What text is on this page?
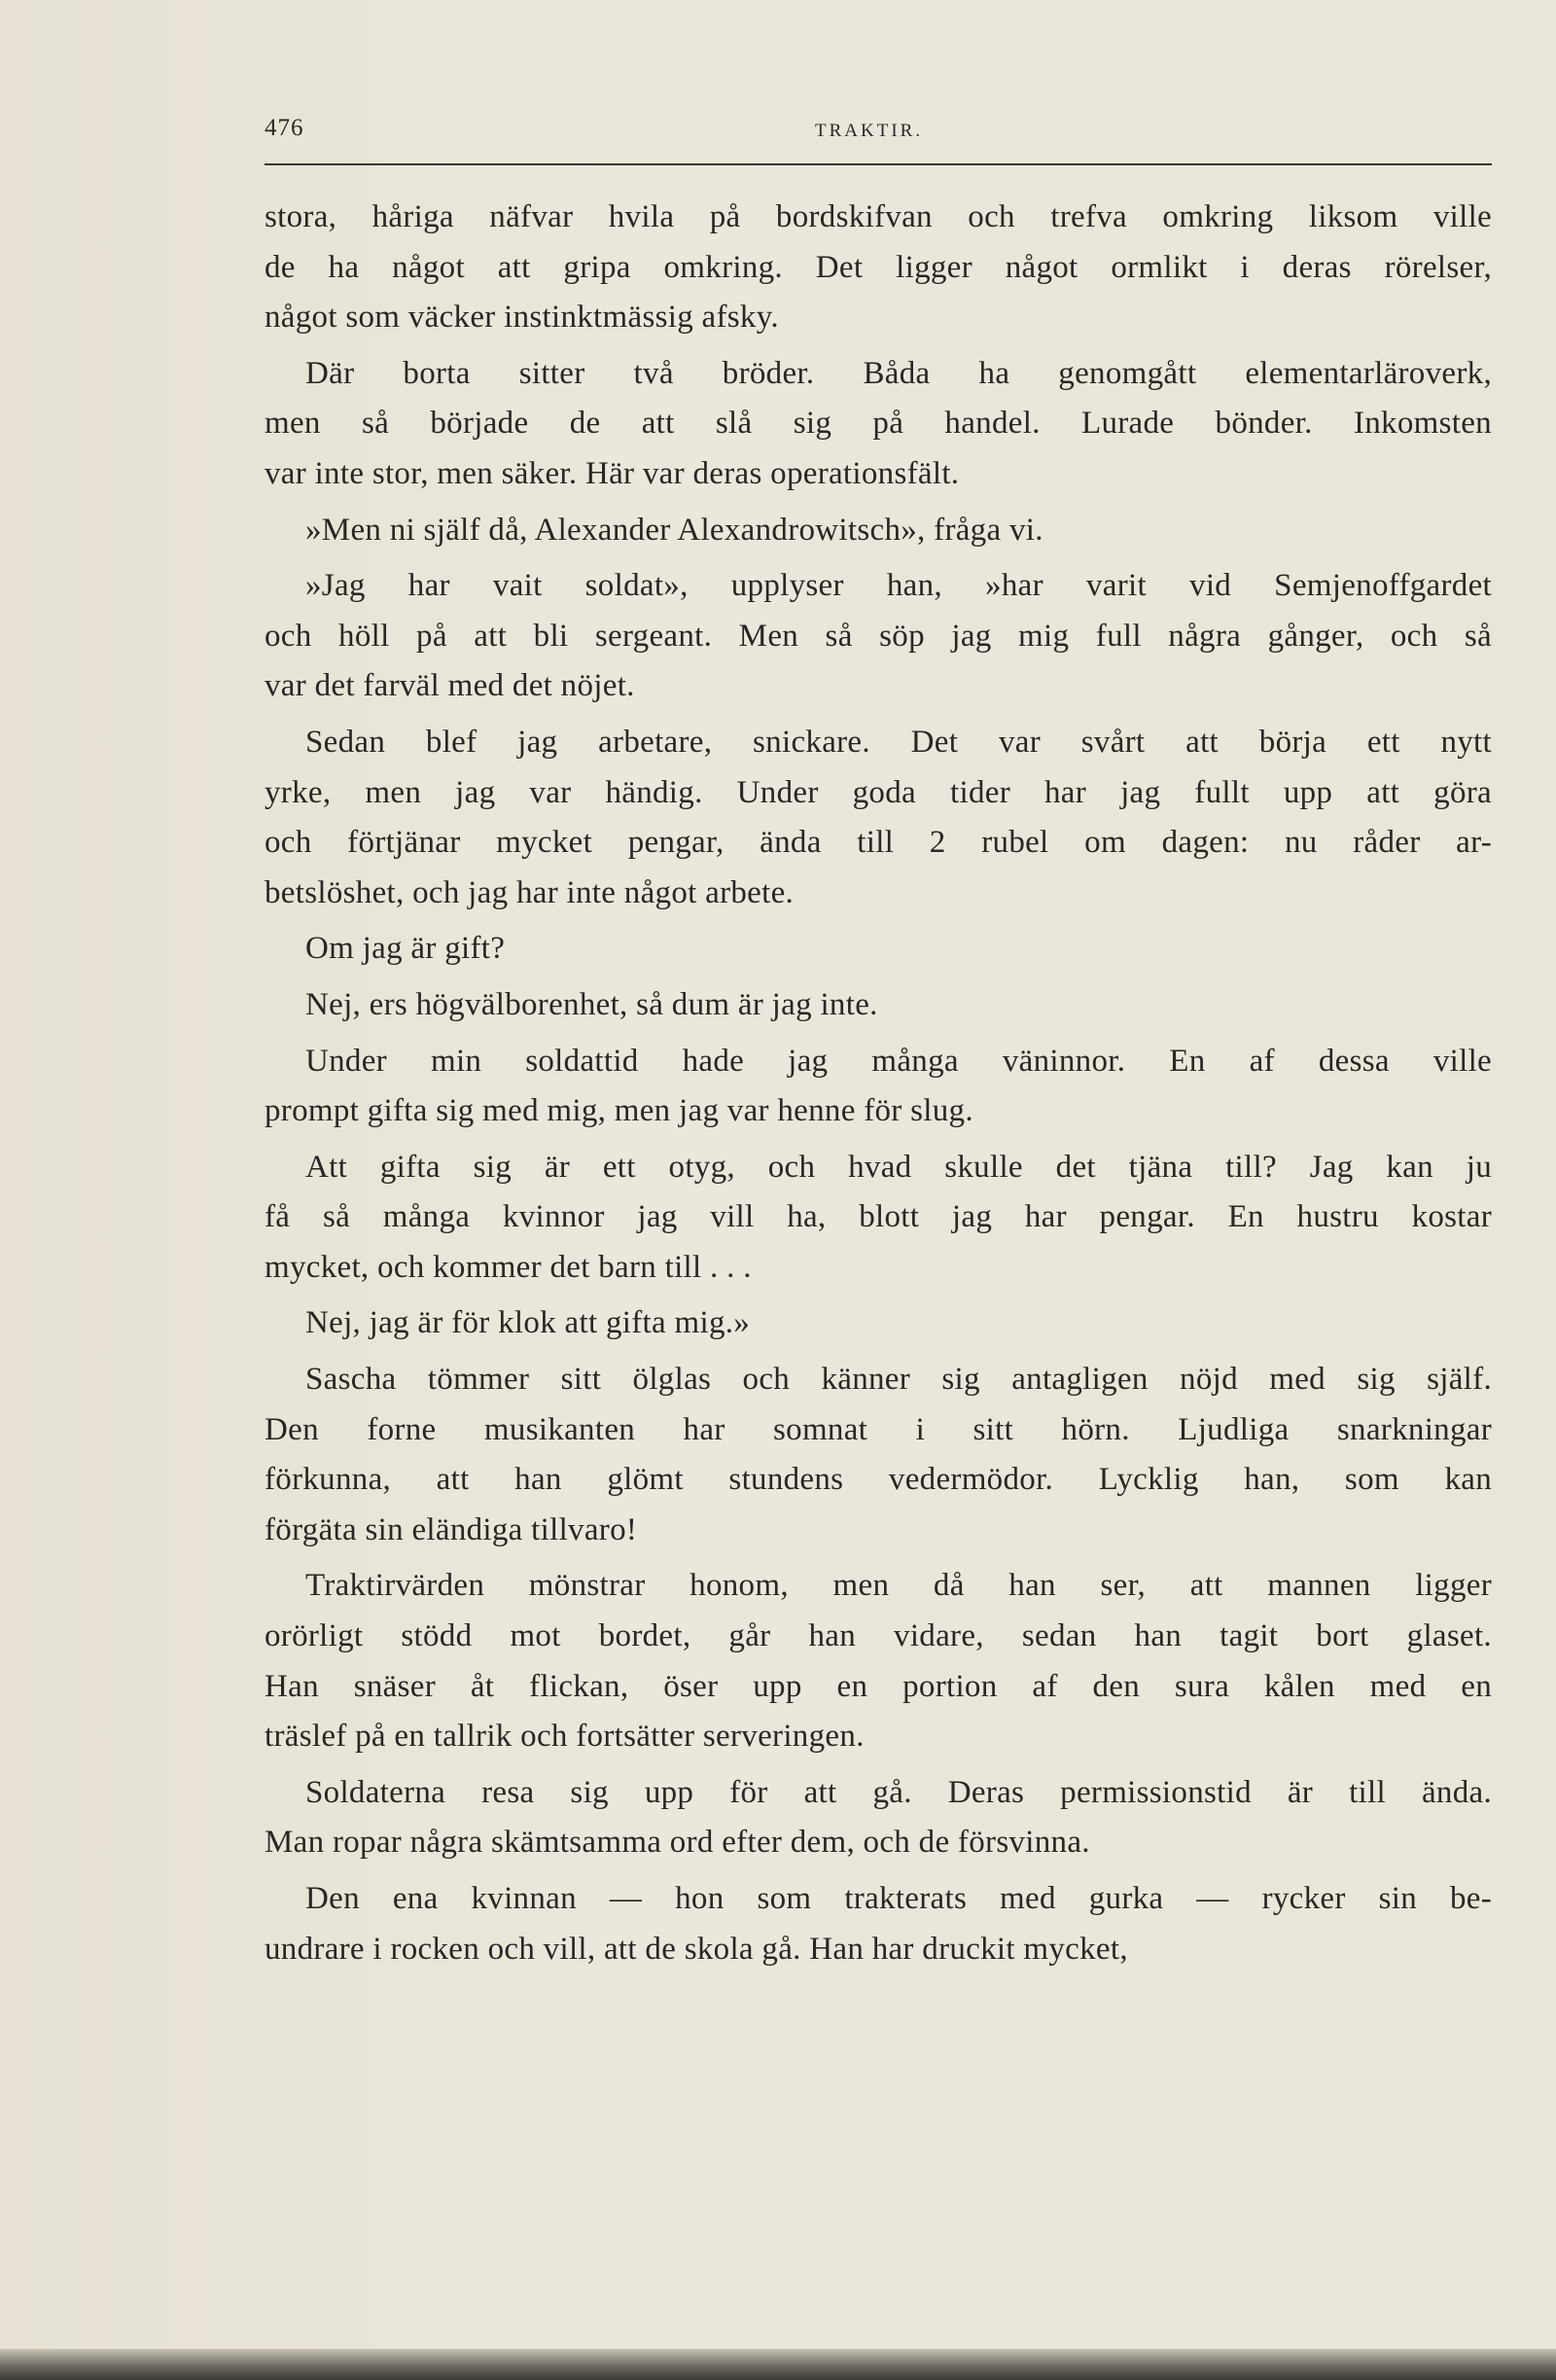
476	TRAKTIR.
stora, håriga näfvar hvila på bordskifvan och trefva omkring liksom ville
de ha något att gripa omkring. Det ligger något ormlikt i deras rörelser,
något som väcker instinktmässig afsky.
Där borta sitter två bröder. Båda ha genomgått elementarläroverk,
men så började de att slå sig på handel. Lurade bönder. Inkomsten
var inte stor, men säker. Här var deras operationsfält.
»Men ni själf då, Alexander Alexandrowitsch», fråga vi.
»Jag har vait soldat», upplyser han, »har varit vid Semjenoffgardet
och höll på att bli sergeant. Men så söp jag mig full några gånger, och så
var det farväl med det nöjet.
Sedan blef jag arbetare, snickare. Det var svårt att börja ett nytt
yrke, men jag var händig. Under goda tider har jag fullt upp att göra
och förtjänar mycket pengar, ända till 2 rubel om dagen: nu råder ar-
betslöshet, och jag har inte något arbete.
Om jag är gift?
Nej, ers högvälborenhet, så dum är jag inte.
Under min soldattid hade jag många väninnor. En af dessa ville
prompt gifta sig med mig, men jag var henne för slug.
Att gifta sig är ett otyg, och hvad skulle det tjäna till? Jag kan ju
få så många kvinnor jag vill ha, blott jag har pengar. En hustru kostar
mycket, och kommer det barn till . . .
Nej, jag är för klok att gifta mig.»
Sascha tömmer sitt ölglas och känner sig antagligen nöjd med sig själf.
Den forne musikanten har somnat i sitt hörn. Ljudliga snarkningar
förkunna, att han glömt stundens vedermödor. Lycklig han, som kan
förgäta sin eländiga tillvaro!
Traktirvärden mönstrar honom, men då han ser, att mannen ligger
orörligt stödd mot bordet, går han vidare, sedan han tagit bort glaset.
Han snäser åt flickan, öser upp en portion af den sura kålen med en
träslef på en tallrik och fortsätter serveringen.
Soldaterna resa sig upp för att gå. Deras permissionstid är till ända.
Man ropar några skämtsamma ord efter dem, och de försvinna.
Den ena kvinnan — hon som trakterats med gurka — rycker sin be-
undrare i rocken och vill, att de skola gå. Han har druckit mycket,
